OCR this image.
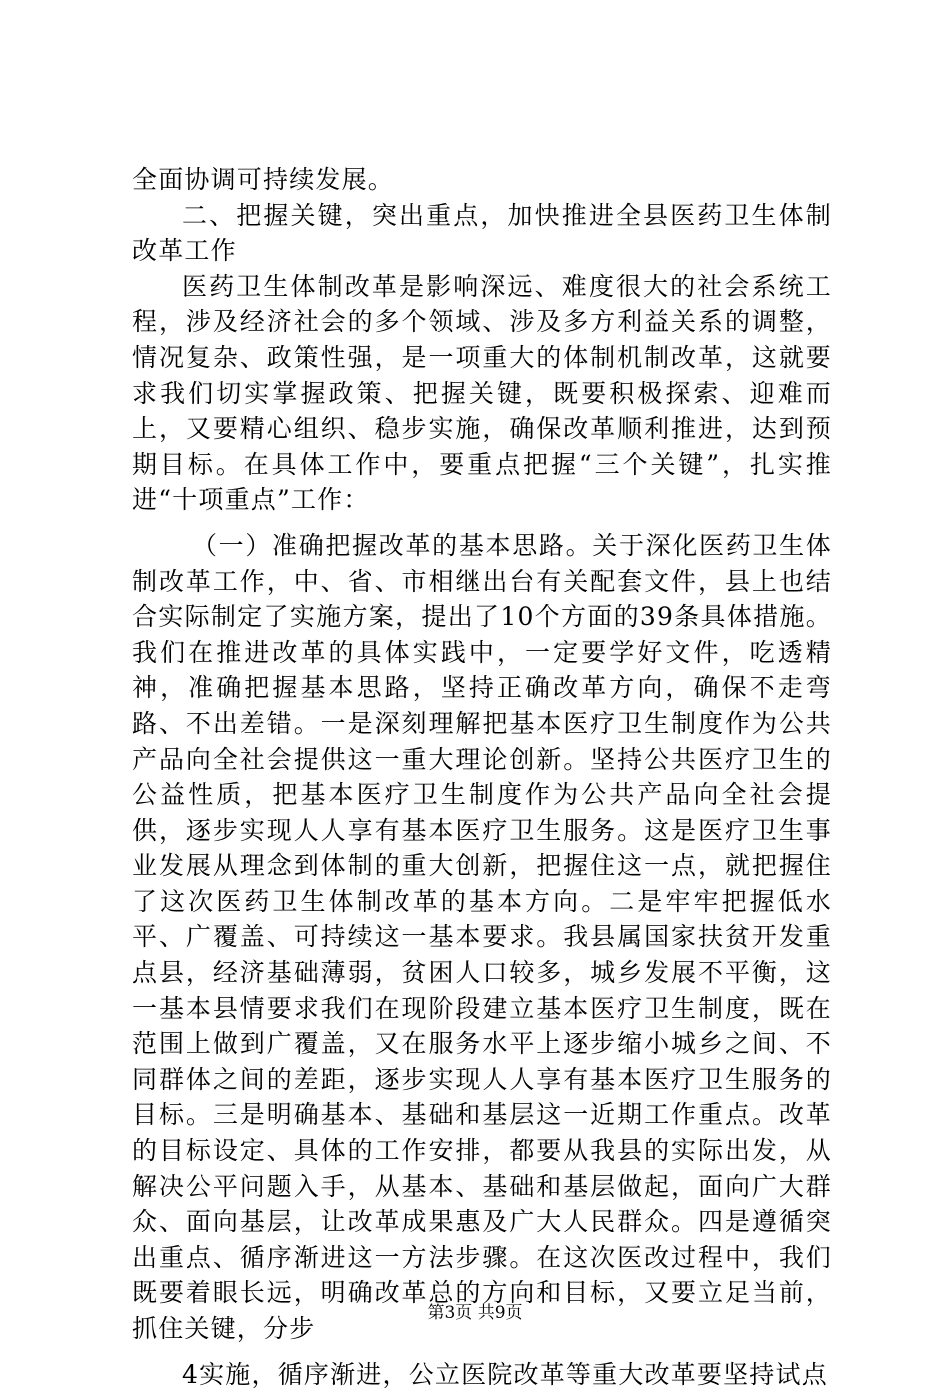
全面协调可持续发展。

二、把握关键，突出重点，加快推进全县医药卫生体制改革工作

医药卫生体制改革是影响深远、难度很大的社会系统工程，涉及经济社会的多个领域、涉及多方利益关系的调整，情况复杂、政策性强，是一项重大的体制机制改革，这就要求我们切实掌握政策、把握关键，既要积极探索、迎难而上，又要精心组织、稳步实施，确保改革顺利推进，达到预期目标。在具体工作中，要重点把握“三个关键”，扎实推进“十项重点”工作：

（一）准确把握改革的基本思路。关于深化医药卫生体制改革工作，中、省、市相继出台有关配套文件，县上也结合实际制定了实施方案，提出了10个方面的39条具体措施。我们在推进改革的具体实践中，一定要学好文件，吃透精神，准确把握基本思路，坚持正确改革方向，确保不走弯路、不出差错。一是深刻理解把基本医疗卫生制度作为公共产品向全社会提供这一重大理论创新。坚持公共医疗卫生的公益性质，把基本医疗卫生制度作为公共产品向全社会提供，逐步实现人人享有基本医疗卫生服务。这是医疗卫生事业发展从理念到体制的重大创新，把握住这一点，就把握住了这次医药卫生体制改革的基本方向。二是牢牢把握低水平、广覆盖、可持续这一基本要求。我县属国家扶贫开发重点县，经济基础薄弱，贫困人口较多，城乡发展不平衡，这一基本县情要求我们在现阶段建立基本医疗卫生制度，既在范围上做到广覆盖，又在服务水平上逐步缩小城乡之间、不同群体之间的差距，逐步实现人人享有基本医疗卫生服务的目标。三是明确基本、基础和基层这一近期工作重点。改革的目标设定、具体的工作安排，都要从我县的实际出发，从解决公平问题入手，从基本、基础和基层做起，面向广大群众、面向基层，让改革成果惠及广大人民群众。四是遵循突出重点、循序渐进这一方法步骤。在这次医改过程中，我们既要着眼长远，明确改革总的方向和目标，又要立足当前，抓住关键，分步

4实施，循序渐进，公立医院改革等重大改革要坚持试点

第3页 共9页
